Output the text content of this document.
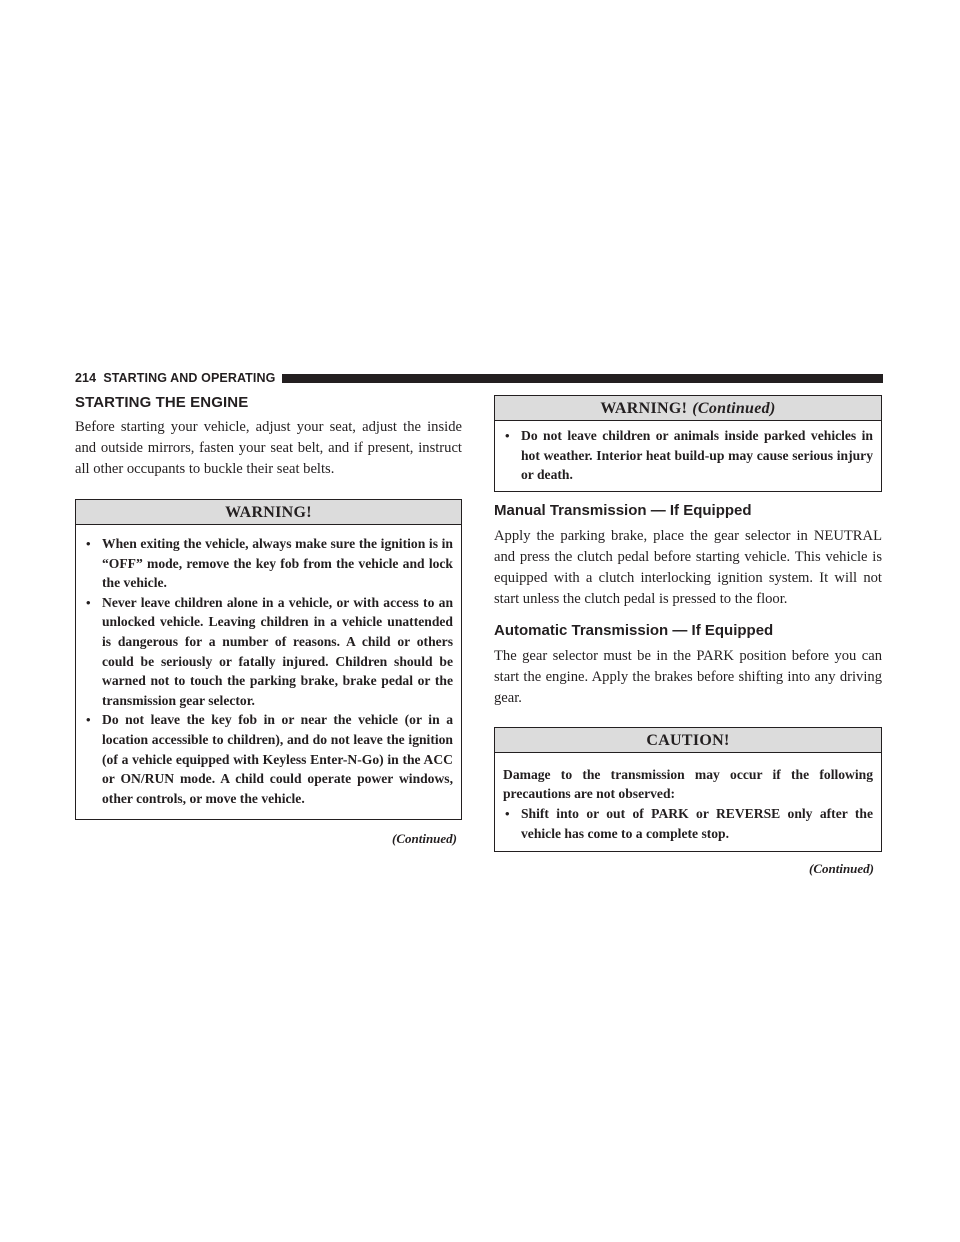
214 STARTING AND OPERATING
STARTING THE ENGINE

Before starting your vehicle, adjust your seat, adjust the inside and outside mirrors, fasten your seat belt, and if present, instruct all other occupants to buckle their seat belts.

WARNING!
• When exiting the vehicle, always make sure the ignition is in “OFF” mode, remove the key fob from the vehicle and lock the vehicle.
• Never leave children alone in a vehicle, or with access to an unlocked vehicle. Leaving children in a vehicle unattended is dangerous for a number of reasons. A child or others could be seriously or fatally injured. Children should be warned not to touch the parking brake, brake pedal or the transmission gear selector.
• Do not leave the key fob in or near the vehicle (or in a location accessible to children), and do not leave the ignition (of a vehicle equipped with Keyless Enter-N-Go) in the ACC or ON/RUN mode. A child could operate power windows, other controls, or move the vehicle.
(Continued)
WARNING! (Continued)
• Do not leave children or animals inside parked vehicles in hot weather. Interior heat build-up may cause serious injury or death.
Manual Transmission — If Equipped

Apply the parking brake, place the gear selector in NEUTRAL and press the clutch pedal before starting vehicle. This vehicle is equipped with a clutch interlocking ignition system. It will not start unless the clutch pedal is pressed to the floor.

Automatic Transmission — If Equipped

The gear selector must be in the PARK position before you can start the engine. Apply the brakes before shifting into any driving gear.

CAUTION!

Damage to the transmission may occur if the following precautions are not observed:

• Shift into or out of PARK or REVERSE only after the vehicle has come to a complete stop.
(Continued)
